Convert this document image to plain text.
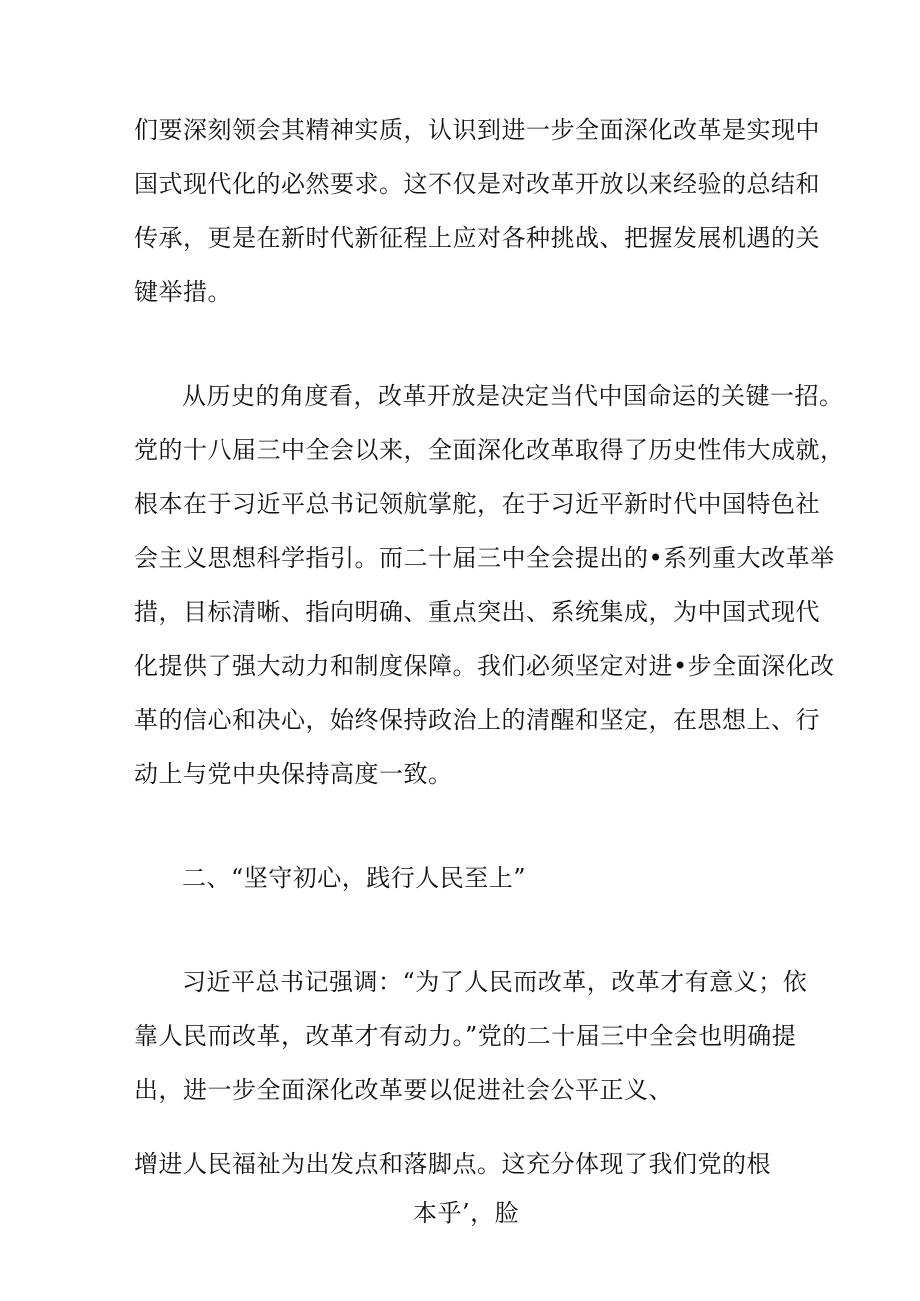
们要深刻领会其精神实质，认识到进一步全面深化改革是实现中

国式现代化的必然要求。这不仅是对改革开放以来经验的总结和

传承，更是在新时代新征程上应对各种挑战、把握发展机遇的关

键举措。

从历史的角度看，改革开放是决定当代中国命运的关键一招。

党的十八届三中全会以来，全面深化改革取得了历史性伟大成就，

根本在于习近平总书记领航掌舵，在于习近平新时代中国特色社

会主义思想科学指引。而二十届三中全会提出的•系列重大改革举

措，目标清晰、指向明确、重点突出、系统集成，为中国式现代

化提供了强大动力和制度保障。我们必须坚定对进•步全面深化改

革的信心和决心，始终保持政治上的清醒和坚定，在思想上、行

动上与党中央保持高度一致。

二、“坚守初心，践行人民至上”

习近平总书记强调：“为了人民而改革，改革才有意义；依

靠人民而改革，改革才有动力。”党的二十届三中全会也明确提

出，进一步全面深化改革要以促进社会公平正义、

增进人民福祉为出发点和落脚点。这充分体现了我们党的根

本乎’，脸
